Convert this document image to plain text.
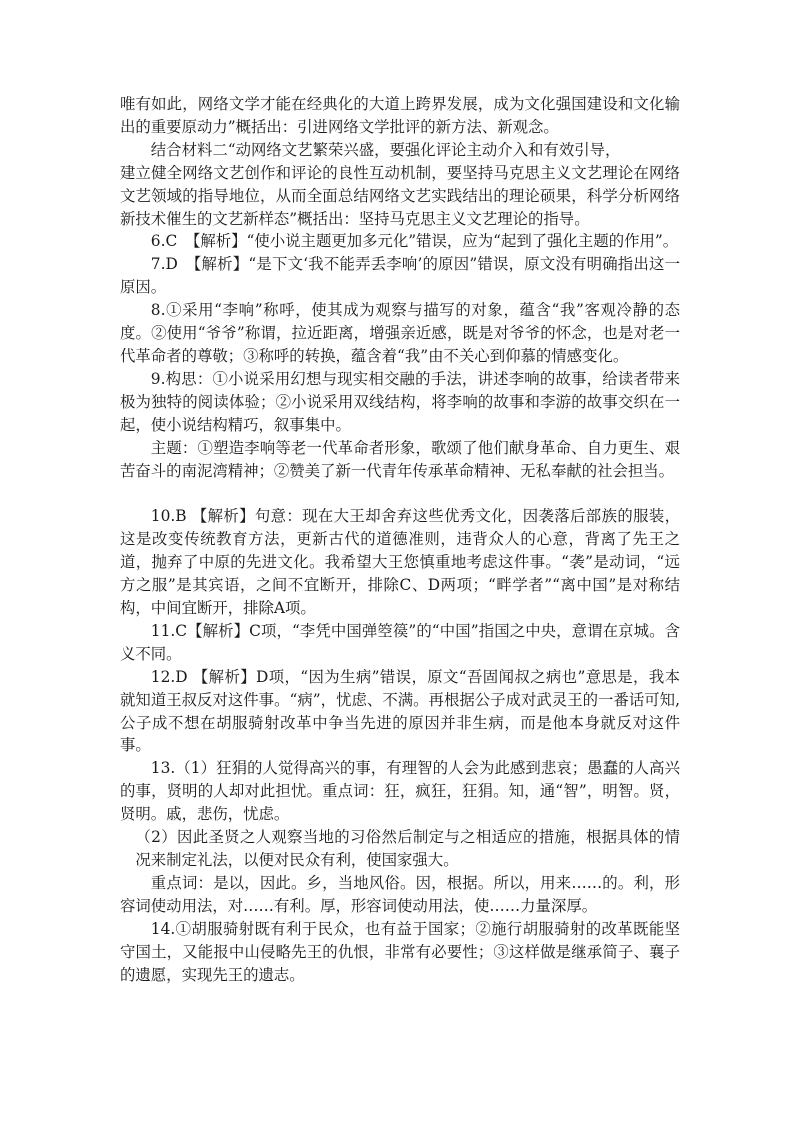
唯有如此，网络文学才能在经典化的大道上跨界发展，成为文化强国建设和文化输出的重要原动力”概括出：引进网络文学批评的新方法、新观念。

结合材料二“动网络文艺繁荣兴盛，要强化评论主动介入和有效引导，

建立健全网络文艺创作和评论的良性互动机制，要坚持马克思主义文艺理论在网络文艺领域的指导地位，从而全面总结网络文艺实践结出的理论硕果，科学分析网络新技术催生的文艺新样态”概括出：坚持马克思主义文艺理论的指导。

6.C　【解析】“使小说主题更加多元化”错误，应为“起到了强化主题的作用”。

7.D　【解析】“是下文‘我不能弄丢李响’的原因”错误，原文没有明确指出这一原因。

8.①采用“李响”称呼，使其成为观察与描写的对象，蕴含“我”客观冷静的态度。②使用“爷爷”称谓，拉近距离，增强亲近感，既是对爷爷的怀念，也是对老一代革命者的尊敬；③称呼的转换，蕴含着“我”由不关心到仰慕的情感变化。

9.构思：①小说采用幻想与现实相交融的手法，讲述李响的故事，给读者带来极为独特的阅读体验；②小说采用双线结构，将李响的故事和李游的故事交织在一起，使小说结构精巧，叙事集中。

主题：①塑造李响等老一代革命者形象，歌颂了他们献身革命、自力更生、艰苦奋斗的南泥湾精神；②赞美了新一代青年传承革命精神、无私奉献的社会担当。

10.B 【解析】句意：现在大王却舍弃这些优秀文化，因袭落后部族的服装，这是改变传统教育方法，更新古代的道德准则，违背众人的心意，背离了先王之道，抛弃了中原的先进文化。我希望大王您慎重地考虑这件事。“袭”是动词，“远方之服”是其宾语，之间不宜断开，排除C、D两项；“畔学者”“离中国”是对称结构，中间宜断开，排除A项。

11.C【解析】C项，“李凭中国弹箜篌”的“中国”指国之中央，意谓在京城。含义不同。

12.D 【解析】D项，“因为生病”错误，原文“吾固闻叔之病也”意思是，我本就知道王叔反对这件事。“病”，忧虑、不满。再根据公子成对武灵王的一番话可知,公子成不想在胡服骑射改革中争当先进的原因并非生病，而是他本身就反对这件事。

13.（1）狂狷的人觉得高兴的事，有理智的人会为此感到悲哀；愚蠢的人高兴的事，贤明的人却对此担忧。重点词：狂，疯狂，狂狷。知，通“智”，明智。贤，贤明。戚，悲伤，忧虑。

（2）因此圣贤之人观察当地的习俗然后制定与之相适应的措施，根据具体的情况来制定礼法，以便对民众有利，使国家强大。

重点词：是以，因此。乡，当地风俗。因，根据。所以，用来……的。利，形容词使动用法，对……有利。厚，形容词使动用法，使……力量深厚。

14.①胡服骑射既有利于民众，也有益于国家；②施行胡服骑射的改革既能坚守国土，又能报中山侵略先王的仇恨，非常有必要性；③这样做是继承简子、襄子的遗愿，实现先王的遗志。
